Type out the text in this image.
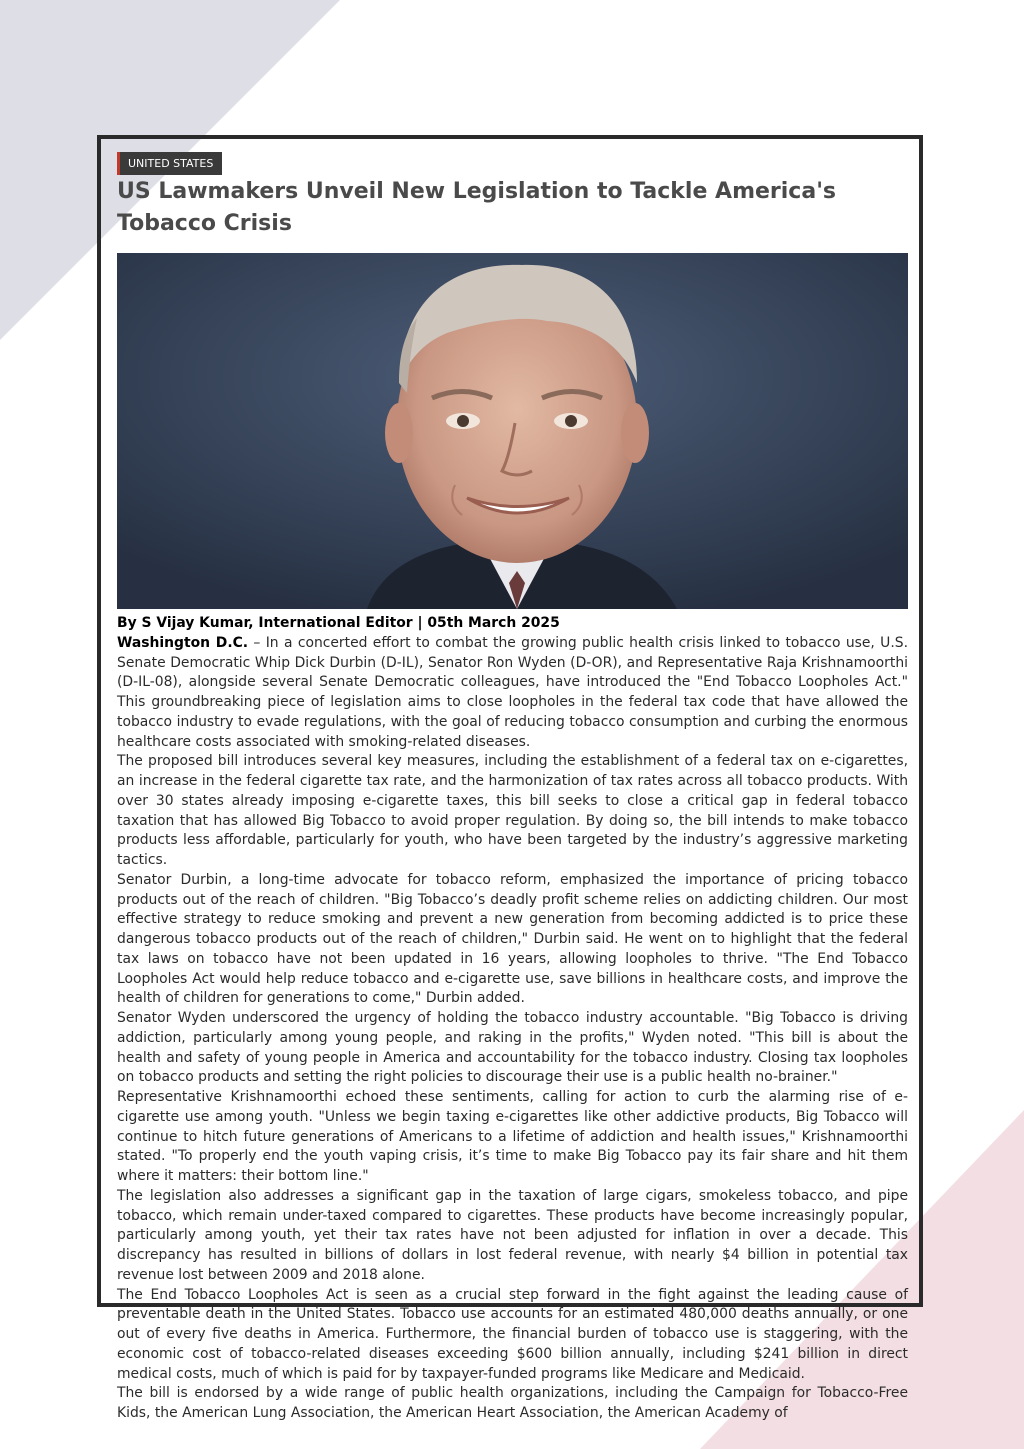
UNITED STATES
US Lawmakers Unveil New Legislation to Tackle America's Tobacco Crisis

By S Vijay Kumar, International Editor | 05th March 2025

Washington D.C. – In a concerted effort to combat the growing public health crisis linked to tobacco use, U.S. Senate Democratic Whip Dick Durbin (D-IL), Senator Ron Wyden (D-OR), and Representative Raja Krishnamoorthi (D-IL-08), alongside several Senate Democratic colleagues, have introduced the "End Tobacco Loopholes Act." This groundbreaking piece of legislation aims to close loopholes in the federal tax code that have allowed the tobacco industry to evade regulations, with the goal of reducing tobacco consumption and curbing the enormous healthcare costs associated with smoking-related diseases.

The proposed bill introduces several key measures, including the establishment of a federal tax on e-cigarettes, an increase in the federal cigarette tax rate, and the harmonization of tax rates across all tobacco products. With over 30 states already imposing e-cigarette taxes, this bill seeks to close a critical gap in federal tobacco taxation that has allowed Big Tobacco to avoid proper regulation. By doing so, the bill intends to make tobacco products less affordable, particularly for youth, who have been targeted by the industry’s aggressive marketing tactics.

Senator Durbin, a long-time advocate for tobacco reform, emphasized the importance of pricing tobacco products out of the reach of children. "Big Tobacco’s deadly profit scheme relies on addicting children. Our most effective strategy to reduce smoking and prevent a new generation from becoming addicted is to price these dangerous tobacco products out of the reach of children," Durbin said. He went on to highlight that the federal tax laws on tobacco have not been updated in 16 years, allowing loopholes to thrive. "The End Tobacco Loopholes Act would help reduce tobacco and e-cigarette use, save billions in healthcare costs, and improve the health of children for generations to come," Durbin added.

Senator Wyden underscored the urgency of holding the tobacco industry accountable. "Big Tobacco is driving addiction, particularly among young people, and raking in the profits," Wyden noted. "This bill is about the health and safety of young people in America and accountability for the tobacco industry. Closing tax loopholes on tobacco products and setting the right policies to discourage their use is a public health no-brainer."

Representative Krishnamoorthi echoed these sentiments, calling for action to curb the alarming rise of e-cigarette use among youth. "Unless we begin taxing e-cigarettes like other addictive products, Big Tobacco will continue to hitch future generations of Americans to a lifetime of addiction and health issues," Krishnamoorthi stated. "To properly end the youth vaping crisis, it’s time to make Big Tobacco pay its fair share and hit them where it matters: their bottom line."

The legislation also addresses a significant gap in the taxation of large cigars, smokeless tobacco, and pipe tobacco, which remain under-taxed compared to cigarettes. These products have become increasingly popular, particularly among youth, yet their tax rates have not been adjusted for inflation in over a decade. This discrepancy has resulted in billions of dollars in lost federal revenue, with nearly $4 billion in potential tax revenue lost between 2009 and 2018 alone.

The End Tobacco Loopholes Act is seen as a crucial step forward in the fight against the leading cause of preventable death in the United States. Tobacco use accounts for an estimated 480,000 deaths annually, or one out of every five deaths in America. Furthermore, the financial burden of tobacco use is staggering, with the economic cost of tobacco-related diseases exceeding $600 billion annually, including $241 billion in direct medical costs, much of which is paid for by taxpayer-funded programs like Medicare and Medicaid.

The bill is endorsed by a wide range of public health organizations, including the Campaign for Tobacco-Free Kids, the American Lung Association, the American Heart Association, the American Academy of
